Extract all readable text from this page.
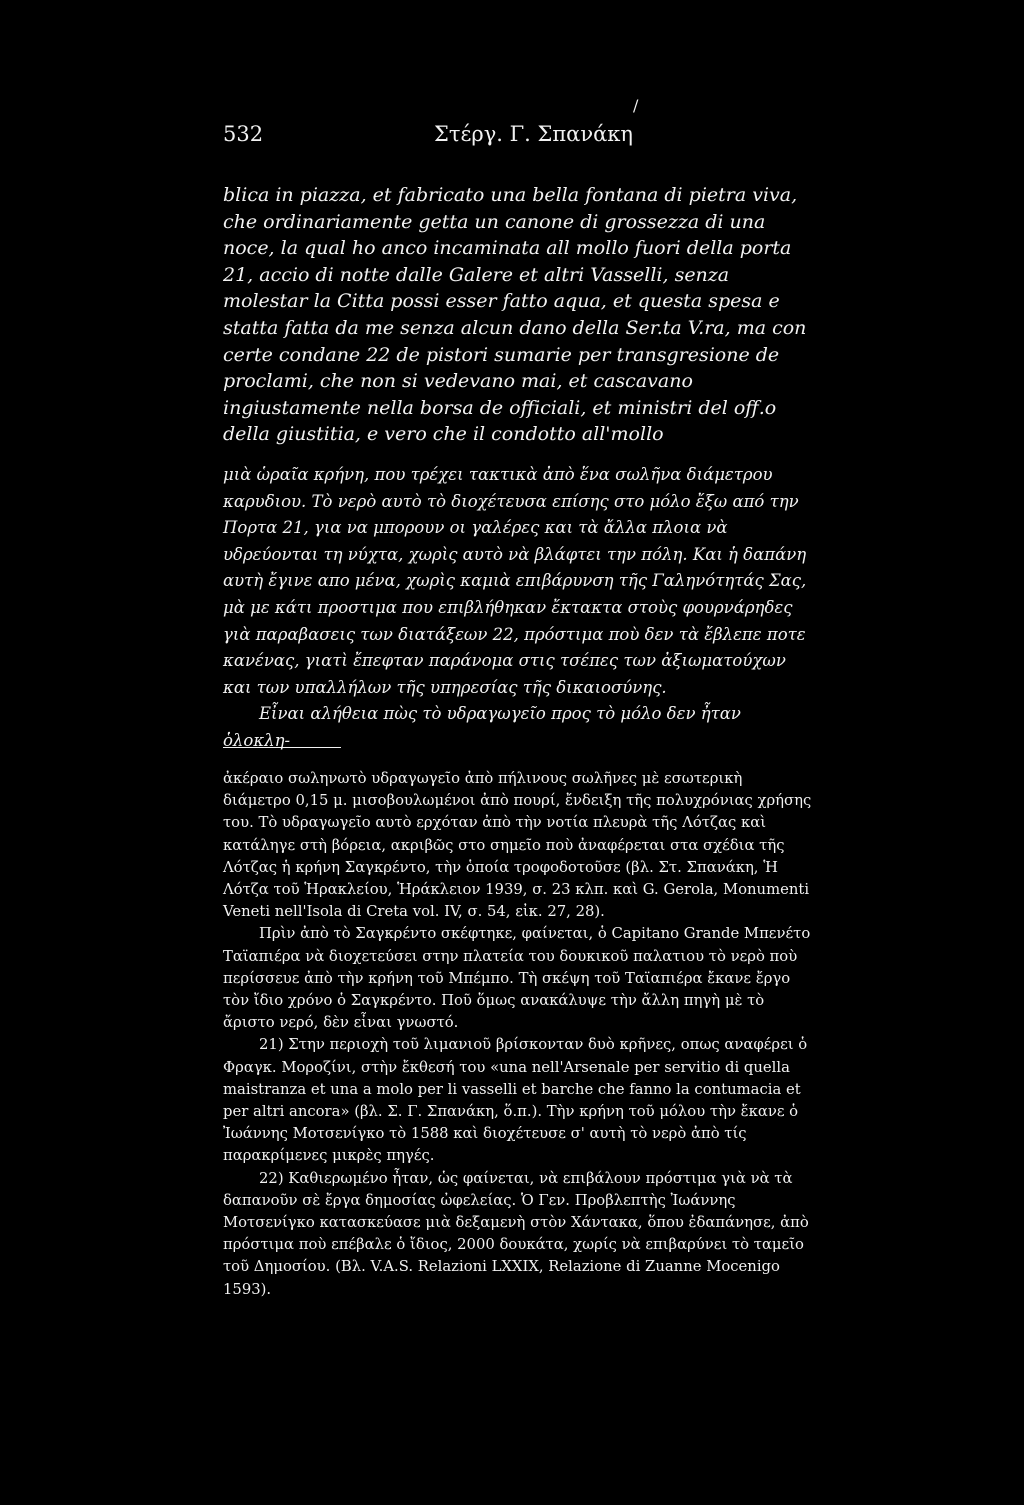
532	Στέργ. Γ. Σπανάκη
/
blica in piazza, et fabricato una bella fontana di pietra viva, che ordinariamente getta un canone di grossezza di una noce, la qual ho anco incaminata all mollo fuori della porta 21, accio di notte dalle Galere et altri Vasselli, senza molestar la Citta possi esser fatto aqua, et questa spesa e statta fatta da me senza alcun dano della Ser.ta V.ra, ma con certe condane 22 de pistori sumarie per transgresione de proclami, che non si vedevano mai, et cascavano ingiustamente nella borsa de officiali, et ministri del off.o della giustitia, e vero che il condotto all'mollo

μιὰ ὡραῖα κρήνη, που τρέχει τακτικὰ ἀπὸ ἕνα σωλῆνα διάμετρου καρυδιου. Τὸ νερὸ αυτὸ τὸ διοχέτευσα επίσης στο μόλο ἔξω από την Πορτα 21, για να μπορουν οι γαλέρες και τὰ ἄλλα πλοια νὰ υδρεύονται τη νύχτα, χωρὶς αυτὸ νὰ βλάφτει την πόλη. Και ἡ δαπάνη αυτὴ ἔγινε απο μένα, χωρὶς καμιὰ επιβάρυνση τῆς Γαληνότητάς Σας, μὰ με κάτι προστιμα που επιβλήθηκαν ἔκτακτα στοὺς φουρνάρηδες γιὰ παραβασεις των διατάξεων 22, πρόστιμα ποὺ δεν τὰ ἔβλεπε ποτε κανένας, γιατὶ ἔπεφταν παράνομα στις τσέπες των ἀξιωματούχων και των υπαλλήλων τῆς υπηρεσίας τῆς δικαιοσύνης.

Εἶναι αλήθεια πὼς τὸ υδραγωγεῖο προς τὸ μόλο δεν ἦταν ὁλοκλη-

ἀκέραιο σωληνωτὸ υδραγωγεῖο ἀπὸ πήλινους σωλῆνες μὲ εσωτερικὴ διάμετρο 0,15 μ. μισοβουλωμένοι ἀπὸ πουρί, ἔνδειξη τῆς πολυχρόνιας χρήσης του. Τὸ υδραγωγεῖο αυτὸ ερχόταν ἀπὸ τὴν νοτία πλευρὰ τῆς Λότζας καὶ κατάληγε στὴ βόρεια, ακριβῶς στο σημεῖο ποὺ ἀναφέρεται στα σχέδια τῆς Λότζας ἡ κρήνη Σαγκρέντο, τὴν ὁποία τροφοδοτοῦσε (βλ. Στ. Σπανάκη, Ἡ Λότζα τοῦ Ἡρακλείου, Ἡράκλειον 1939, σ. 23 κλπ. καὶ G. Gerola, Monumenti Veneti nell'Isola di Creta vol. IV, σ. 54, εἰκ. 27, 28).

Πρὶν ἀπὸ τὸ Σαγκρέντο σκέφτηκε, φαίνεται, ὁ Capitano Grande Μπενέτο Ταϊαπιέρα νὰ διοχετεύσει στην πλατεία του δουκικοῦ παλατιου τὸ νερὸ ποὺ περίσσευε ἀπὸ τὴν κρήνη τοῦ Μπέμπο. Τὴ σκέψη τοῦ Ταϊαπιέρα ἔκανε ἔργο τὸν ἴδιο χρόνο ὁ Σαγκρέντο. Ποῦ ὅμως ανακάλυψε τὴν ἄλλη πηγὴ μὲ τὸ ἄριστο νερό, δὲν εἶναι γνωστό.

21) Στην περιοχὴ τοῦ λιμανιοῦ βρίσκονταν δυὸ κρῆνες, οπως αναφέρει ὁ Φραγκ. Μοροζίνι, στὴν ἔκθεσή του «una nell'Arsenale per servitio di quella maistranza et una a molo per li vasselli et barche che fanno la contumacia et per altri ancora» (βλ. Σ. Γ. Σπανάκη, ὅ.π.). Τὴν κρήνη τοῦ μόλου τὴν ἔκανε ὁ Ἰωάννης Μοτσενίγκο τὸ 1588 καὶ διοχέτευσε σ' αυτὴ τὸ νερὸ ἀπὸ τίς παρακρίμενες μικρὲς πηγές.

22) Καθιερωμένο ἦταν, ὡς φαίνεται, νὰ επιβάλουν πρόστιμα γιὰ νὰ τὰ δαπανοῦν σὲ ἔργα δημοσίας ὠφελείας. Ὁ Γεν. Προβλεπτὴς Ἰωάννης Μοτσενίγκο κατασκεύασε μιὰ δεξαμενὴ στὸν Χάντακα, ὅπου ἐδαπάνησε, ἀπὸ πρόστιμα ποὺ επέβαλε ὁ ἴδιος, 2000 δουκάτα, χωρίς νὰ επιβαρύνει τὸ ταμεῖο τοῦ Δημοσίου. (Βλ. V.A.S. Relazioni LXXIX, Relazione di Zuanne Mocenigo 1593).
